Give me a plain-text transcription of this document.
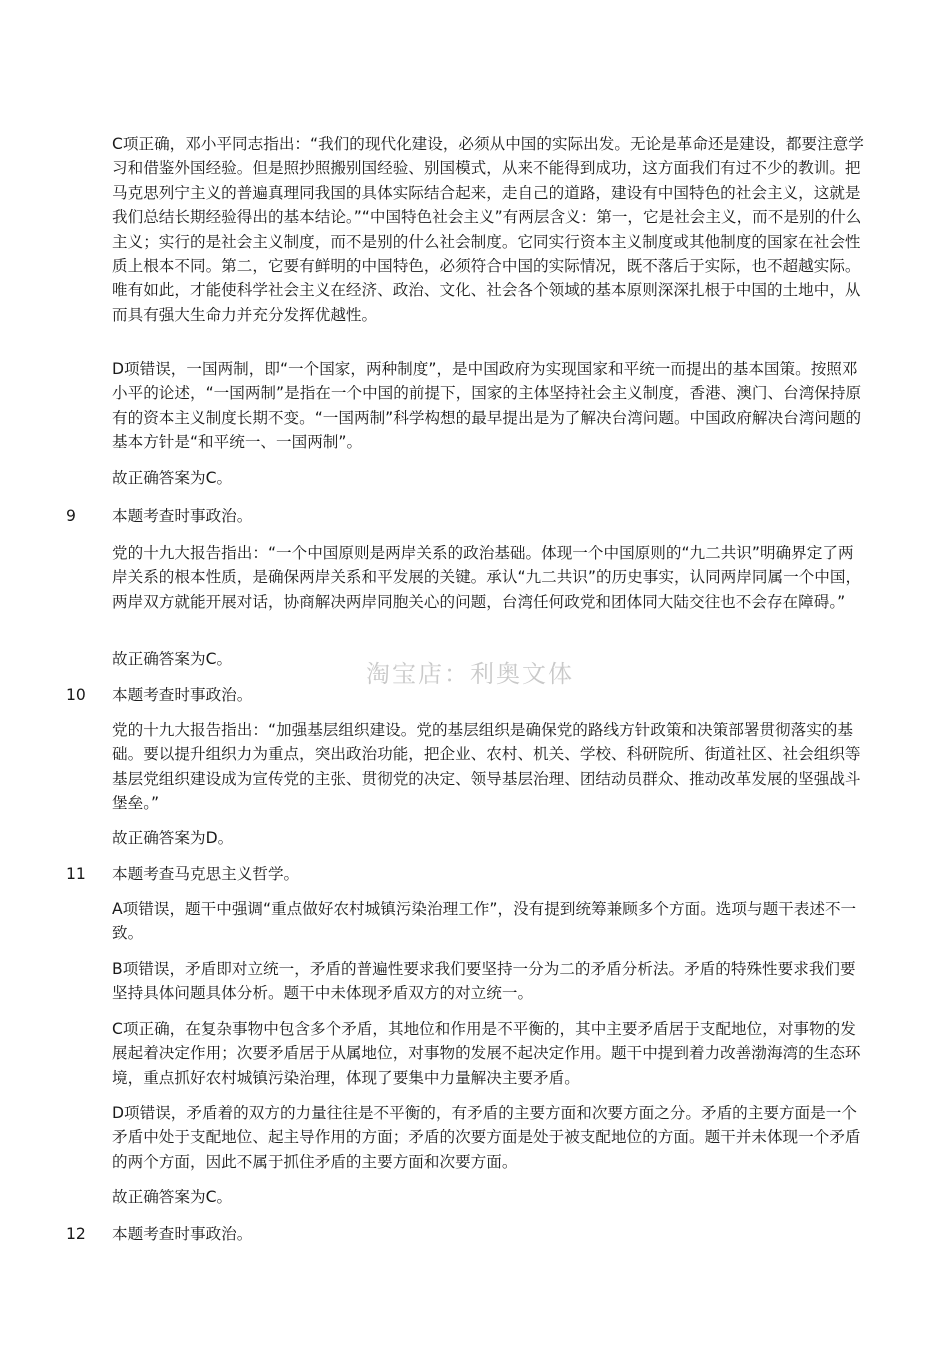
C项正确，邓小平同志指出：“我们的现代化建设，必须从中国的实际出发。无论是革命还是建设，都要注意学习和借鉴外国经验。但是照抄照搬别国经验、别国模式，从来不能得到成功，这方面我们有过不少的教训。把马克思列宁主义的普遍真理同我国的具体实际结合起来，走自己的道路，建设有中国特色的社会主义，这就是我们总结长期经验得出的基本结论。”“中国特色社会主义”有两层含义：第一，它是社会主义，而不是别的什么主义；实行的是社会主义制度，而不是别的什么社会制度。它同实行资本主义制度或其他制度的国家在社会性质上根本不同。第二，它要有鲜明的中国特色，必须符合中国的实际情况，既不落后于实际，也不超越实际。唯有如此，才能使科学社会主义在经济、政治、文化、社会各个领域的基本原则深深扎根于中国的土地中，从而具有强大生命力并充分发挥优越性。

D项错误，一国两制，即“一个国家，两种制度”，是中国政府为实现国家和平统一而提出的基本国策。按照邓小平的论述，“一国两制”是指在一个中国的前提下，国家的主体坚持社会主义制度，香港、澳门、台湾保持原有的资本主义制度长期不变。“一国两制”科学构想的最早提出是为了解决台湾问题。中国政府解决台湾问题的基本方针是“和平统一、一国两制”。

故正确答案为C。

9 本题考查时事政治。

党的十九大报告指出：“一个中国原则是两岸关系的政治基础。体现一个中国原则的“九二共识”明确界定了两岸关系的根本性质，是确保两岸关系和平发展的关键。承认“九二共识”的历史事实，认同两岸同属一个中国，两岸双方就能开展对话，协商解决两岸同胞关心的问题，台湾任何政党和团体同大陆交往也不会存在障碍。”

故正确答案为C。

10 本题考查时事政治。

党的十九大报告指出：“加强基层组织建设。党的基层组织是确保党的路线方针政策和决策部署贯彻落实的基础。要以提升组织力为重点，突出政治功能，把企业、农村、机关、学校、科研院所、街道社区、社会组织等基层党组织建设成为宣传党的主张、贯彻党的决定、领导基层治理、团结动员群众、推动改革发展的坚强战斗堡垒。”

故正确答案为D。

11 本题考查马克思主义哲学。

A项错误，题干中强调“重点做好农村城镇污染治理工作”，没有提到统筹兼顾多个方面。选项与题干表述不一致。

B项错误，矛盾即对立统一，矛盾的普遍性要求我们要坚持一分为二的矛盾分析法。矛盾的特殊性要求我们要坚持具体问题具体分析。题干中未体现矛盾双方的对立统一。

C项正确，在复杂事物中包含多个矛盾，其地位和作用是不平衡的，其中主要矛盾居于支配地位，对事物的发展起着决定作用；次要矛盾居于从属地位，对事物的发展不起决定作用。题干中提到着力改善渤海湾的生态环境，重点抓好农村城镇污染治理，体现了要集中力量解决主要矛盾。

D项错误，矛盾着的双方的力量往往是不平衡的，有矛盾的主要方面和次要方面之分。矛盾的主要方面是一个矛盾中处于支配地位、起主导作用的方面；矛盾的次要方面是处于被支配地位的方面。题干并未体现一个矛盾的两个方面，因此不属于抓住矛盾的主要方面和次要方面。

故正确答案为C。

12 本题考查时事政治。

淘宝店：利奥文体
